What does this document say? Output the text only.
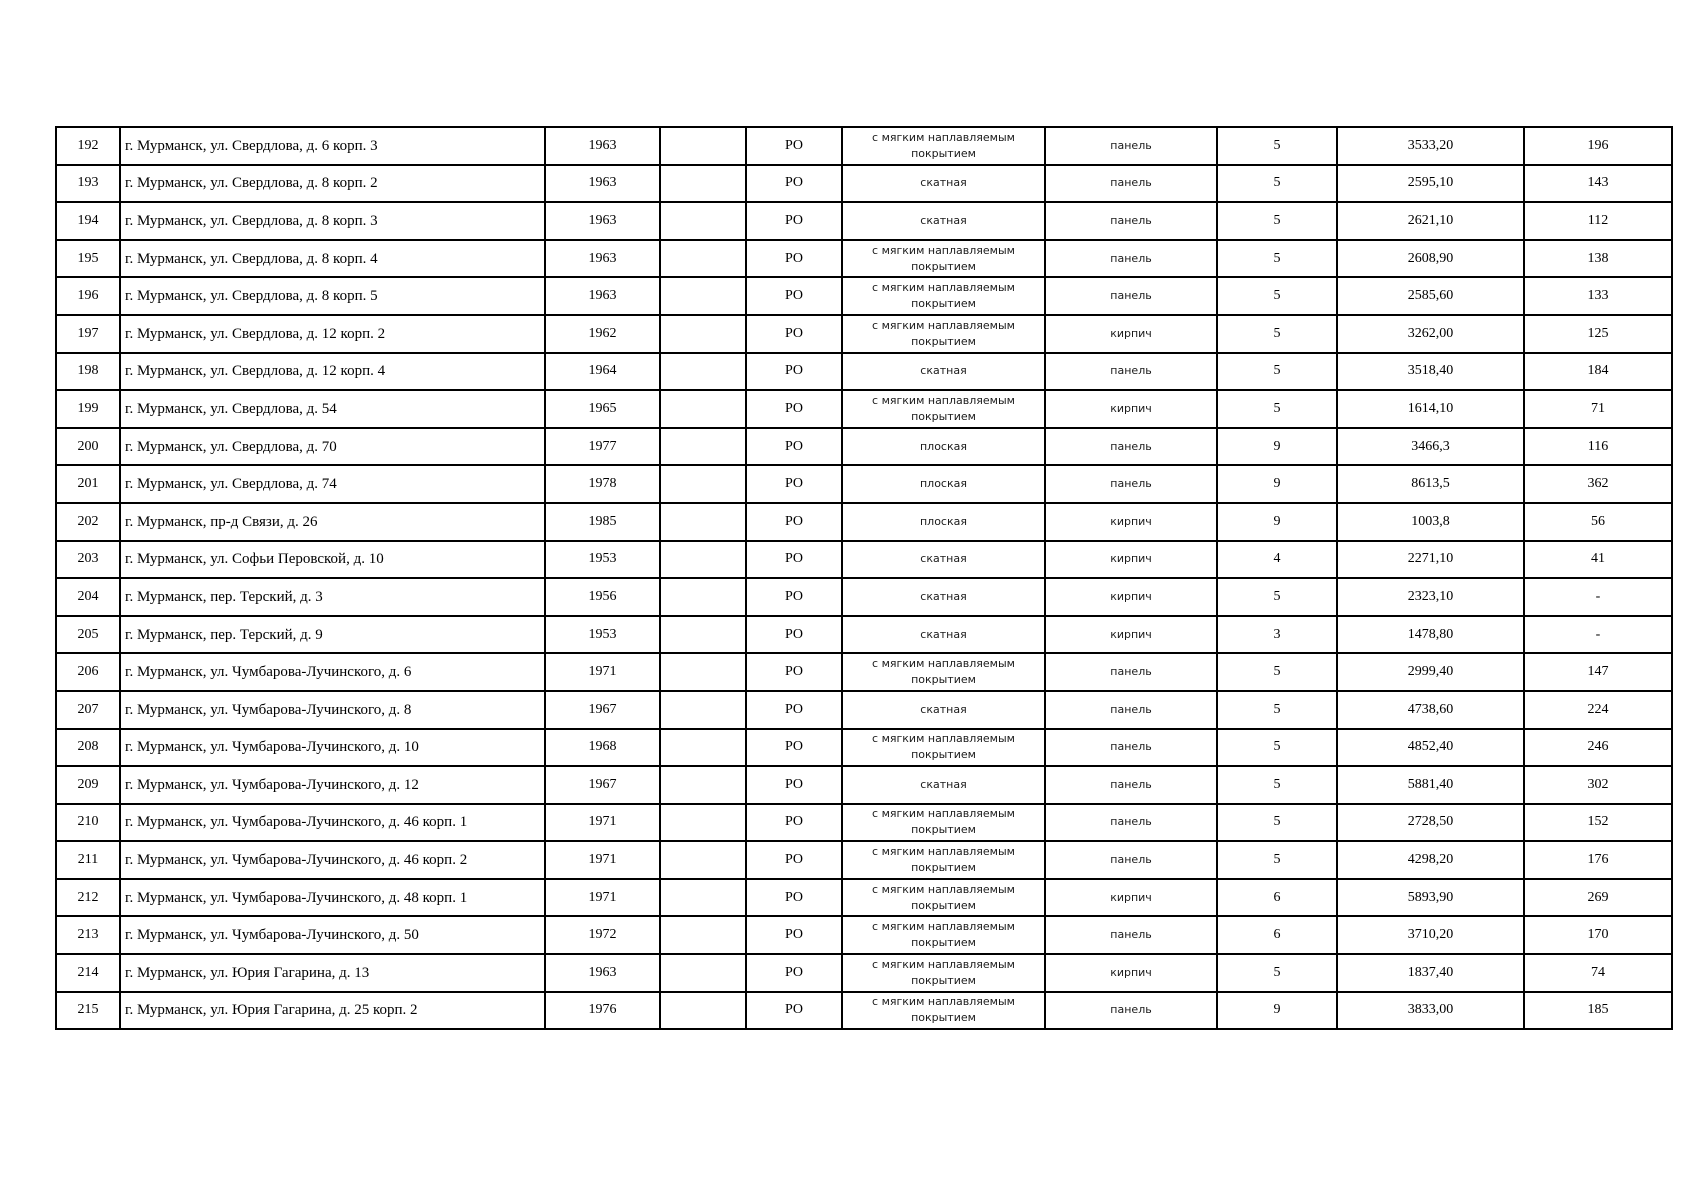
192	г. Мурманск, ул. Свердлова, д. 6 корп. 3	1963		РО	с мягким наплавляемым
покрытием	панель	5	3533,20	196
193	г. Мурманск, ул. Свердлова, д. 8 корп. 2	1963		РО	скатная	панель	5	2595,10	143
194	г. Мурманск, ул. Свердлова, д. 8 корп. 3	1963		РО	скатная	панель	5	2621,10	112
195	г. Мурманск, ул. Свердлова, д. 8 корп. 4	1963		РО	с мягким наплавляемым
покрытием	панель	5	2608,90	138
196	г. Мурманск, ул. Свердлова, д. 8 корп. 5	1963		РО	с мягким наплавляемым
покрытием	панель	5	2585,60	133
197	г. Мурманск, ул. Свердлова, д. 12 корп. 2	1962		РО	с мягким наплавляемым
покрытием	кирпич	5	3262,00	125
198	г. Мурманск, ул. Свердлова, д. 12 корп. 4	1964		РО	скатная	панель	5	3518,40	184
199	г. Мурманск, ул. Свердлова, д. 54	1965		РО	с мягким наплавляемым
покрытием	кирпич	5	1614,10	71
200	г. Мурманск, ул. Свердлова, д. 70	1977		РО	плоская	панель	9	3466,3	116
201	г. Мурманск, ул. Свердлова, д. 74	1978		РО	плоская	панель	9	8613,5	362
202	г. Мурманск, пр-д Связи, д. 26	1985		РО	плоская	кирпич	9	1003,8	56
203	г. Мурманск, ул. Софьи Перовской, д. 10	1953		РО	скатная	кирпич	4	2271,10	41
204	г. Мурманск, пер. Терский, д. 3	1956		РО	скатная	кирпич	5	2323,10	-
205	г. Мурманск, пер. Терский, д. 9	1953		РО	скатная	кирпич	3	1478,80	-
206	г. Мурманск, ул. Чумбарова-Лучинского, д. 6	1971		РО	с мягким наплавляемым
покрытием	панель	5	2999,40	147
207	г. Мурманск, ул. Чумбарова-Лучинского, д. 8	1967		РО	скатная	панель	5	4738,60	224
208	г. Мурманск, ул. Чумбарова-Лучинского, д. 10	1968		РО	с мягким наплавляемым
покрытием	панель	5	4852,40	246
209	г. Мурманск, ул. Чумбарова-Лучинского, д. 12	1967		РО	скатная	панель	5	5881,40	302
210	г. Мурманск, ул. Чумбарова-Лучинского, д. 46 корп. 1	1971		РО	с мягким наплавляемым
покрытием	панель	5	2728,50	152
211	г. Мурманск, ул. Чумбарова-Лучинского, д. 46 корп. 2	1971		РО	с мягким наплавляемым
покрытием	панель	5	4298,20	176
212	г. Мурманск, ул. Чумбарова-Лучинского, д. 48 корп. 1	1971		РО	с мягким наплавляемым
покрытием	кирпич	6	5893,90	269
213	г. Мурманск, ул. Чумбарова-Лучинского, д. 50	1972		РО	с мягким наплавляемым
покрытием	панель	6	3710,20	170
214	г. Мурманск, ул. Юрия Гагарина, д. 13	1963		РО	с мягким наплавляемым
покрытием	кирпич	5	1837,40	74
215	г. Мурманск, ул. Юрия Гагарина, д. 25 корп. 2	1976		РО	с мягким наплавляемым
покрытием	панель	9	3833,00	185
